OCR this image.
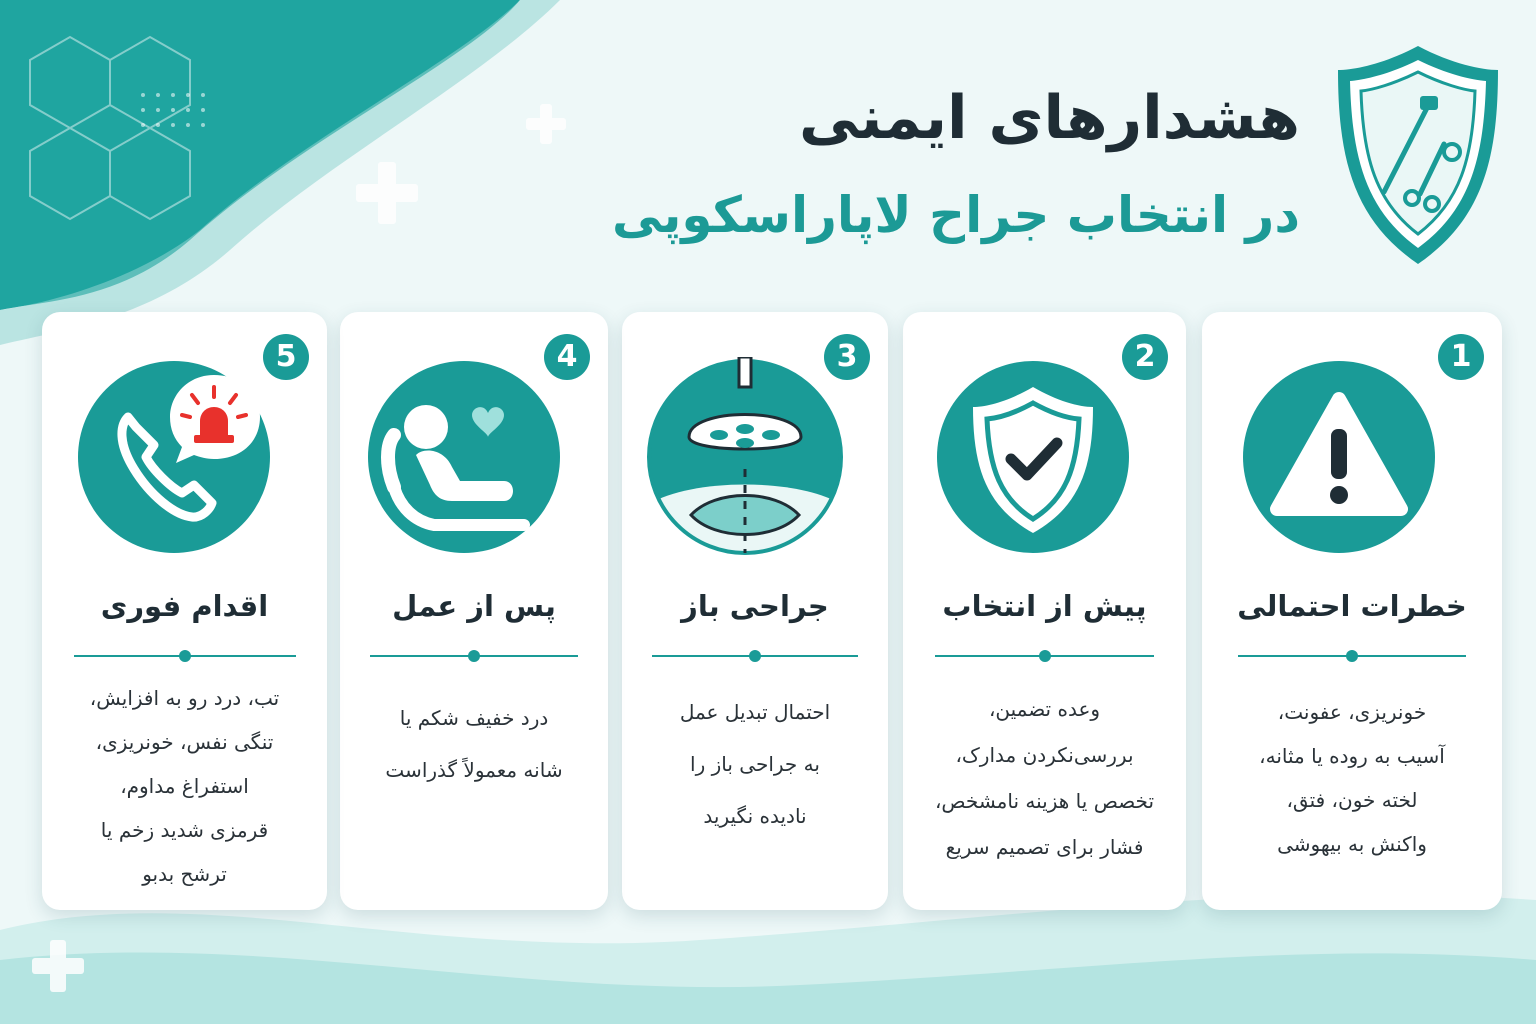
هشدارهای ایمنی
در انتخاب جراح لاپاراسکوپی
1
خطرات احتمالی
خونریزی، عفونت،
آسیب به روده یا مثانه،
لخته خون، فتق،
واکنش به بیهوشی
2
پیش از انتخاب
وعده تضمین،
بررسی‌نکردن مدارک،
تخصص یا هزینه نامشخص،
فشار برای تصمیم سریع
3
جراحی باز
احتمال تبدیل عمل
به جراحی باز را
نادیده نگیرید
4
پس از عمل
درد خفیف شکم یا
شانه معمولاً گذراست
5
اقدام فوری
تب، درد رو به افزایش،
تنگی نفس، خونریزی،
استفراغ مداوم،
قرمزی شدید زخم یا
ترشح بدبو
